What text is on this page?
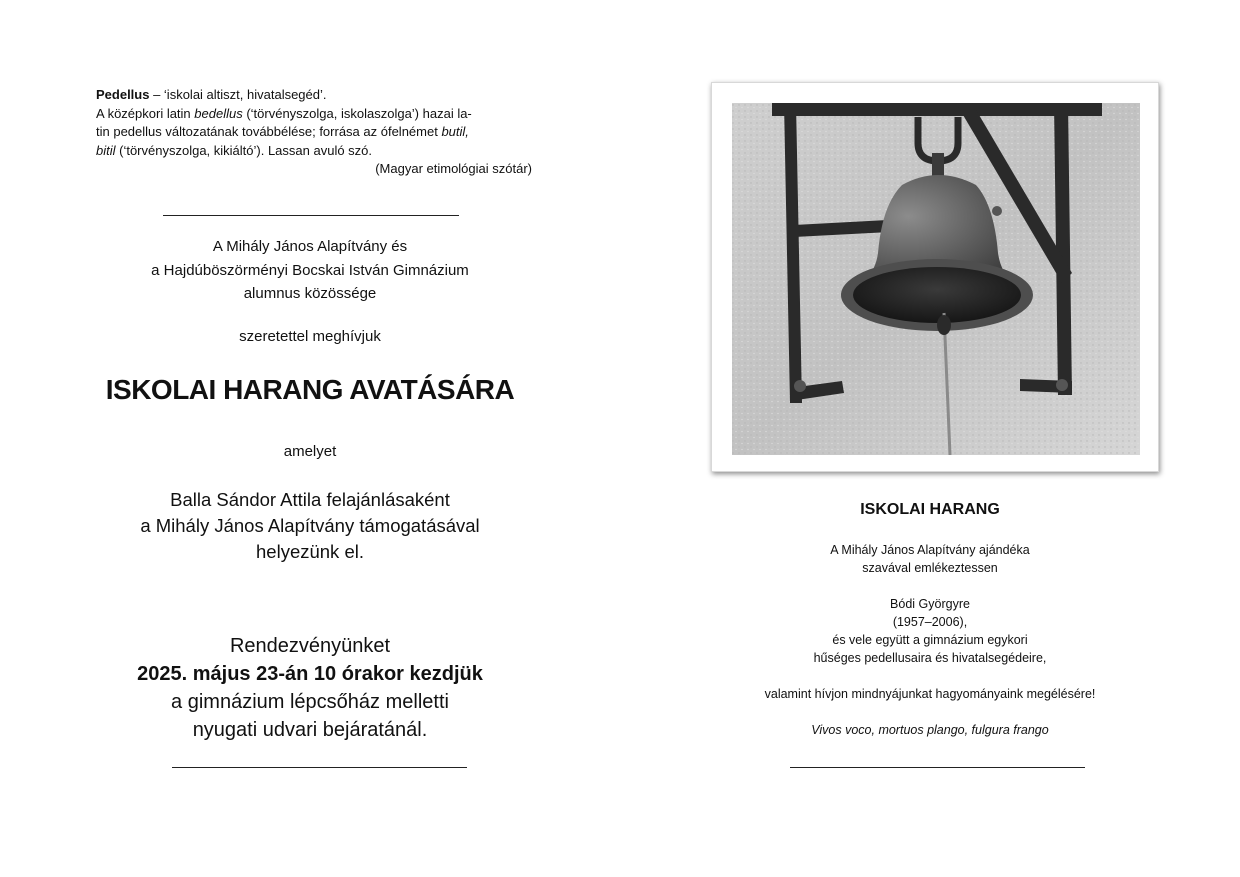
Pedellus – ‘iskolai altiszt, hivatalsegéd’.
A középkori latin bedellus (‘törvényszolga, iskolaszolga’) hazai la-
tin pedellus változatának továbbélése; forrása az ófelnémet butil,
bitil (‘törvényszolga, kikiáltó’). Lassan avuló szó.
(Magyar etimológiai szótár)
A Mihály János Alapítvány és
a Hajdúböszörményi Bocskai István Gimnázium
alumnus közössége
szeretettel meghívjuk
ISKOLAI HARANG AVATÁSÁRA
amelyet
Balla Sándor Attila felajánlásaként
a Mihály János Alapítvány támogatásával
helyezünk el.
Rendezvényünket
2025. május 23-án 10 órakor kezdjük
a gimnázium lépcsőház melletti
nyugati udvari bejáratánál.
ISKOLAI HARANG
A Mihály János Alapítvány ajándéka
szavával emlékeztessen
Bódi Györgyre
(1957–2006),
és vele együtt a gimnázium egykori
hűséges pedellusaira és hivatalsegédeire,
valamint hívjon mindnyájunkat hagyományaink megélésére!
Vivos voco, mortuos plango, fulgura frango
